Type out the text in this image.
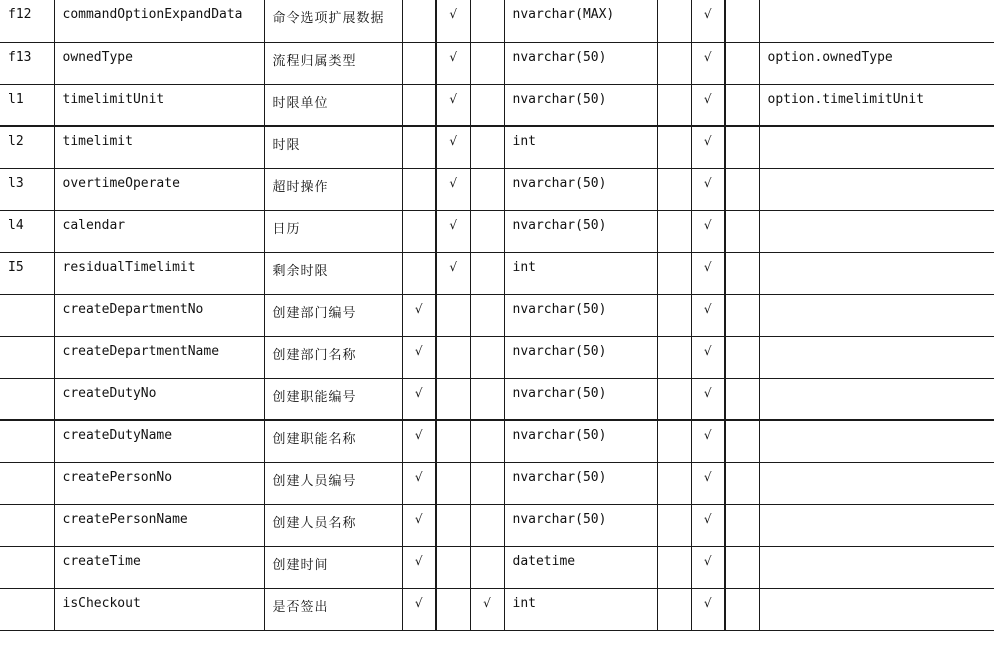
f12	commandOptionExpandData	命令选项扩展数据		√		nvarchar(MAX)		√		
f13	ownedType	流程归属类型		√		nvarchar(50)		√		option.ownedType
l1	timelimitUnit	时限单位		√		nvarchar(50)		√		option.timelimitUnit
l2	timelimit	时限		√		int		√		
l3	overtimeOperate	超时操作		√		nvarchar(50)		√		
l4	calendar	日历		√		nvarchar(50)		√		
I5	residualTimelimit	剩余时限		√		int		√		
	createDepartmentNo	创建部门编号	√			nvarchar(50)		√		
	createDepartmentName	创建部门名称	√			nvarchar(50)		√		
	createDutyNo	创建职能编号	√			nvarchar(50)		√		
	createDutyName	创建职能名称	√			nvarchar(50)		√		
	createPersonNo	创建人员编号	√			nvarchar(50)		√		
	createPersonName	创建人员名称	√			nvarchar(50)		√		
	createTime	创建时间	√			datetime		√		
	isCheckout	是否签出	√		√	int		√		
